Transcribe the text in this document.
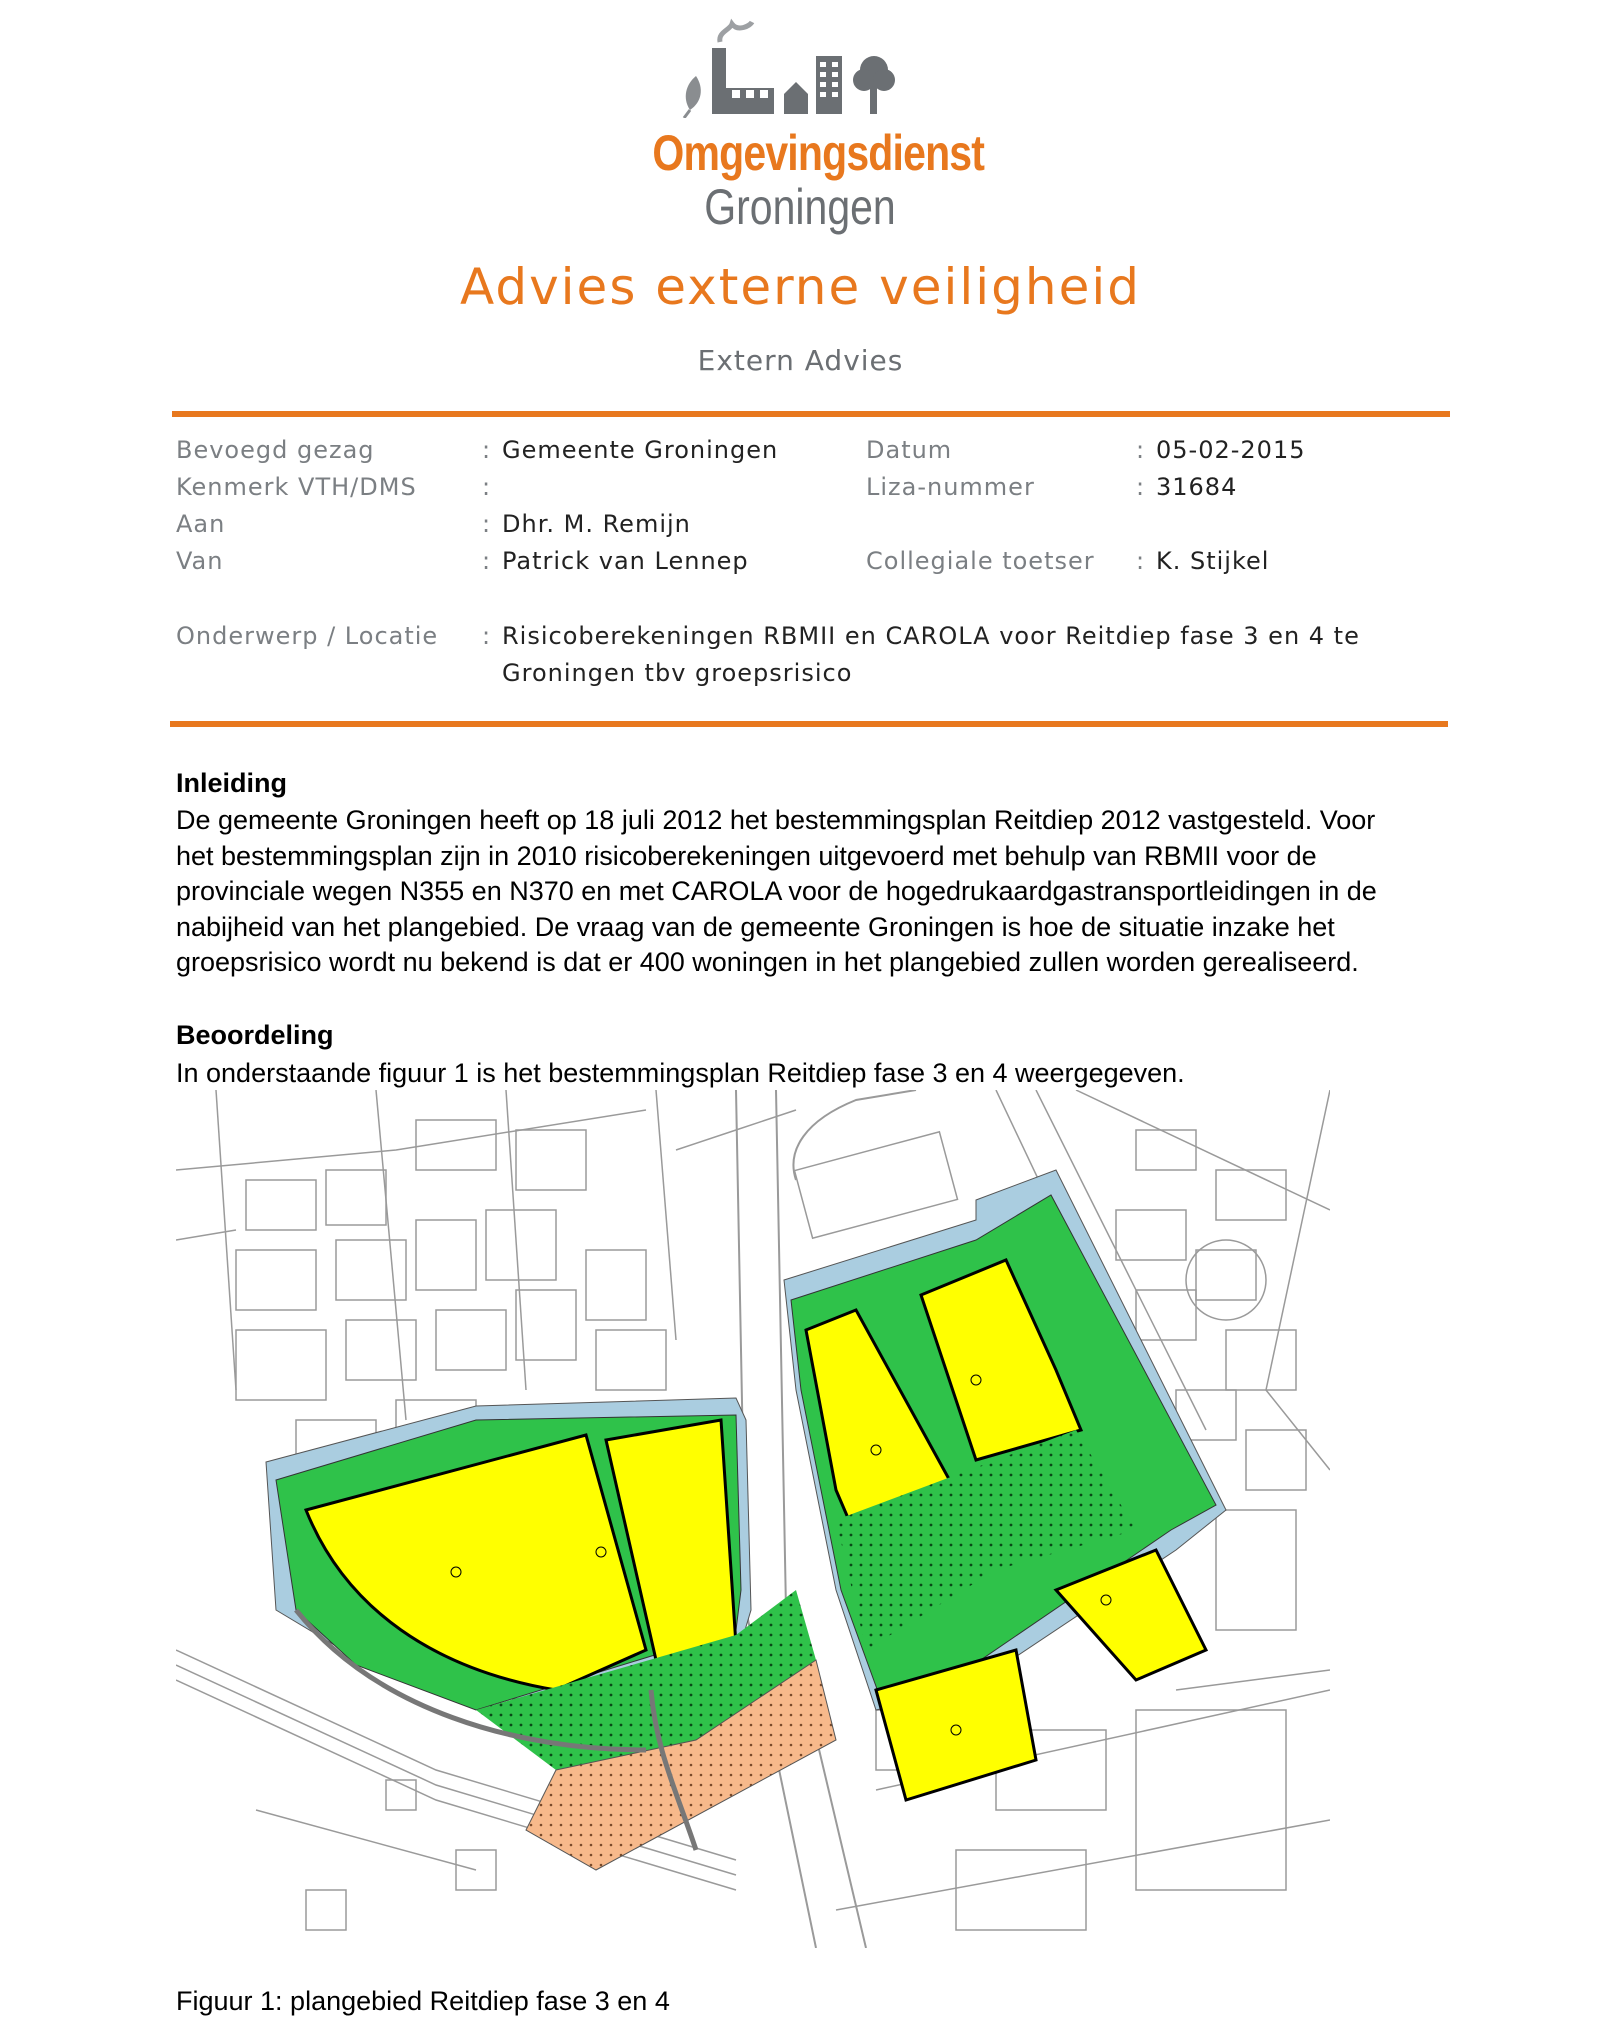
Omgevingsdienst
Groningen
Advies externe veiligheid
Extern Advies
Bevoegd gezag	: Gemeente Groningen	Datum	: 05-02-2015
Kenmerk VTH/DMS	:	Liza-nummer	: 31684
Aan	: Dhr. M. Remijn
Van	: Patrick van Lennep	Collegiale toetser : K. Stijkel
Onderwerp / Locatie : Risicoberekeningen RBMII en CAROLA voor Reitdiep fase 3 en 4 te
Groningen tbv groepsrisico
Inleiding
De gemeente Groningen heeft op 18 juli 2012 het bestemmingsplan Reitdiep 2012 vastgesteld. Voor
het bestemmingsplan zijn in 2010 risicoberekeningen uitgevoerd met behulp van RBMII voor de
provinciale wegen N355 en N370 en met CAROLA voor de hogedrukaardgastransportleidingen in de
nabijheid van het plangebied. De vraag van de gemeente Groningen is hoe de situatie inzake het
groepsrisico wordt nu bekend is dat er 400 woningen in het plangebied zullen worden gerealiseerd.
Beoordeling
In onderstaande figuur 1 is het bestemmingsplan Reitdiep fase 3 en 4 weergegeven.
Figuur 1: plangebied Reitdiep fase 3 en 4
